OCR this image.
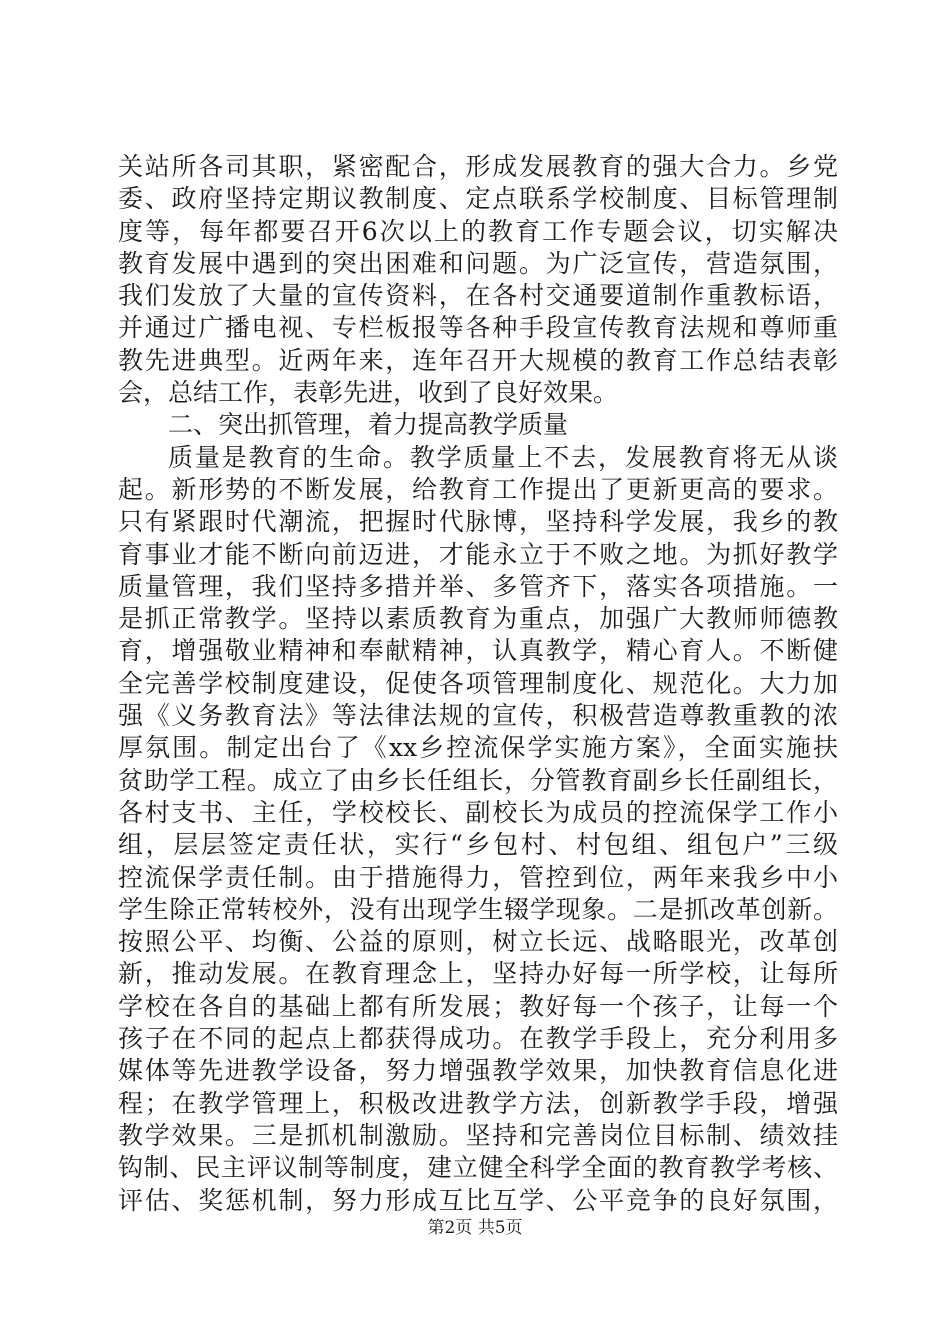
关站所各司其职，紧密配合，形成发展教育的强大合力。乡党
委、政府坚持定期议教制度、定点联系学校制度、目标管理制
度等，每年都要召开6次以上的教育工作专题会议，切实解决
教育发展中遇到的突出困难和问题。为广泛宣传，营造氛围，
我们发放了大量的宣传资料，在各村交通要道制作重教标语，
并通过广播电视、专栏板报等各种手段宣传教育法规和尊师重
教先进典型。近两年来，连年召开大规模的教育工作总结表彰
会，总结工作，表彰先进，收到了良好效果。
二、突出抓管理，着力提高教学质量
质量是教育的生命。教学质量上不去，发展教育将无从谈
起。新形势的不断发展，给教育工作提出了更新更高的要求。
只有紧跟时代潮流，把握时代脉博，坚持科学发展，我乡的教
育事业才能不断向前迈进，才能永立于不败之地。为抓好教学
质量管理，我们坚持多措并举、多管齐下，落实各项措施。一
是抓正常教学。坚持以素质教育为重点，加强广大教师师德教
育，增强敬业精神和奉献精神，认真教学，精心育人。不断健
全完善学校制度建设，促使各项管理制度化、规范化。大力加
强《义务教育法》等法律法规的宣传，积极营造尊教重教的浓
厚氛围。制定出台了《xx乡控流保学实施方案》，全面实施扶
贫助学工程。成立了由乡长任组长，分管教育副乡长任副组长，
各村支书、主任，学校校长、副校长为成员的控流保学工作小
组，层层签定责任状，实行“乡包村、村包组、组包户”三级
控流保学责任制。由于措施得力，管控到位，两年来我乡中小
学生除正常转校外，没有出现学生辍学现象。二是抓改革创新。
按照公平、均衡、公益的原则，树立长远、战略眼光，改革创
新，推动发展。在教育理念上，坚持办好每一所学校，让每所
学校在各自的基础上都有所发展；教好每一个孩子，让每一个
孩子在不同的起点上都获得成功。在教学手段上，充分利用多
媒体等先进教学设备，努力增强教学效果，加快教育信息化进
程；在教学管理上，积极改进教学方法，创新教学手段，增强
教学效果。三是抓机制激励。坚持和完善岗位目标制、绩效挂
钩制、民主评议制等制度，建立健全科学全面的教育教学考核、
评估、奖惩机制，努力形成互比互学、公平竞争的良好氛围，
第2页 共5页
